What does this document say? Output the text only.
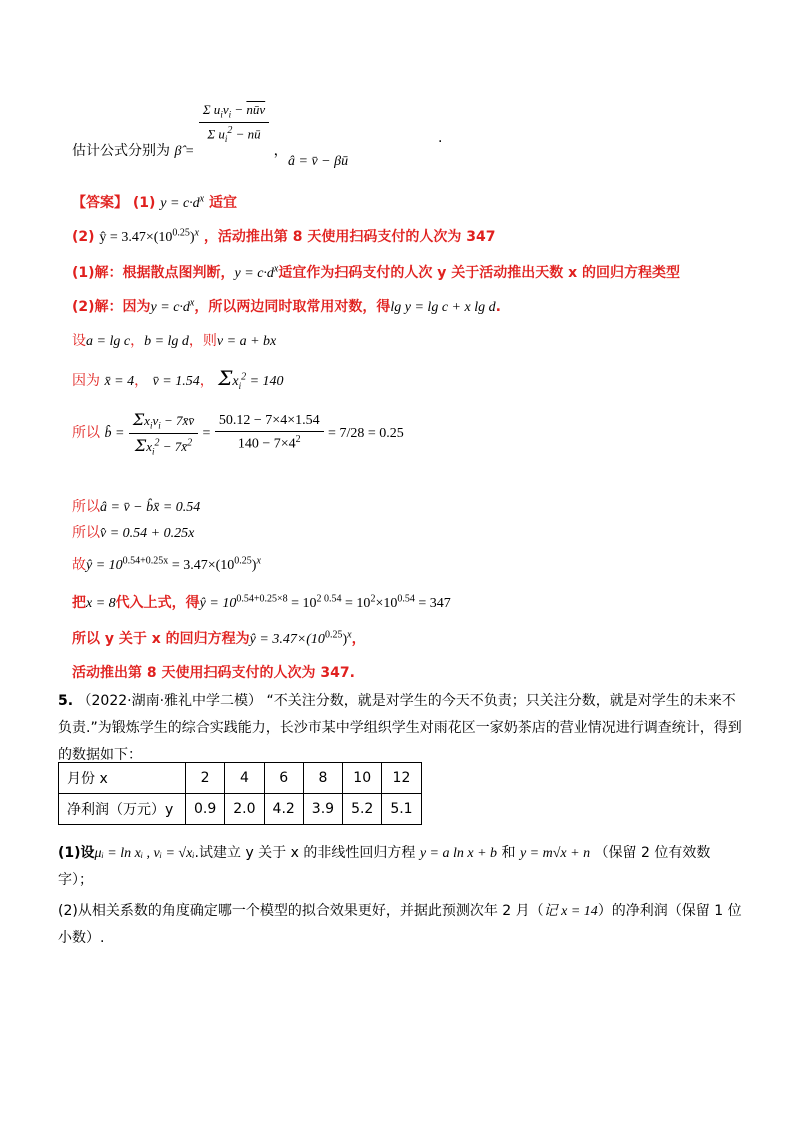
估计公式分别为 β̂ =
$\frac{\Sigma u_iv_i - \overline{nūv}}{\Sigma u_i^2 - nū}$
，
.
â = v̄ − βū
【答案】 (1) $y = c\cdot d^x$ 适宜
(2) ŷ = $3.47\times(10^{0.25})^x$ ，活动推出第 8 天使用扫码支付的人次为 347
(1)解：根据散点图判断，$y = c\cdot d^x$适宜作为扫码支付的人次 y 关于活动推出天数 x 的回归方程类型
(2)解：因为$y = c\cdot d^x$，所以两边同时取常用对数，得lg y = lg c + x lg d.
设a = lg c，b = lg d，则v = a + bx
因为 x̄ = 4， v̄ = 1.54， $\Sigma x_i^2 = 140$
所以 b̂ = $\frac{\Sigma x_iv_i - 7x̄v̄}{\Sigma x_i^2 - 7x̄^2} = \frac{50.12 - 7\times 4\times 1.54}{140 - 7\times 4^2} = 7/28 = 0.25$
所以â = v̄ − b̂x̄ = 0.54
所以v̂ = 0.54 + 0.25x
故ŷ = $10^{0.54+0.25x} = 3.47\times(10^{0.25})^x$
把x = 8代入上式，得ŷ = $10^{0.54+0.25\times 8} = 10^{2 0.54} = 10^2\times 10^{0.54} = 347$
所以 y 关于 x 的回归方程为ŷ = $3.47\times(10^{0.25})^x$，
活动推出第 8 天使用扫码支付的人次为 347.
5. （2022·湖南·雅礼中学二模） “不关注分数，就是对学生的今天不负责；只关注分数，就是对学生的未来不负责.”为锻炼学生的综合实践能力，长沙市某中学组织学生对雨花区一家奶茶店的营业情况进行调查统计，得到的数据如下：
月份 x	2	4	6	8	10	12
净利润（万元）y	0.9	2.0	4.2	3.9	5.2	5.1
(1)设μᵢ = ln xᵢ , vᵢ = √xᵢ.试建立 y 关于 x 的非线性回归方程 y = a ln x + b 和 y = m√x + n （保留 2 位有效数字）；
(2)从相关系数的角度确定哪一个模型的拟合效果更好，并据此预测次年 2 月（记 x = 14）的净利润（保留 1 位小数）.
